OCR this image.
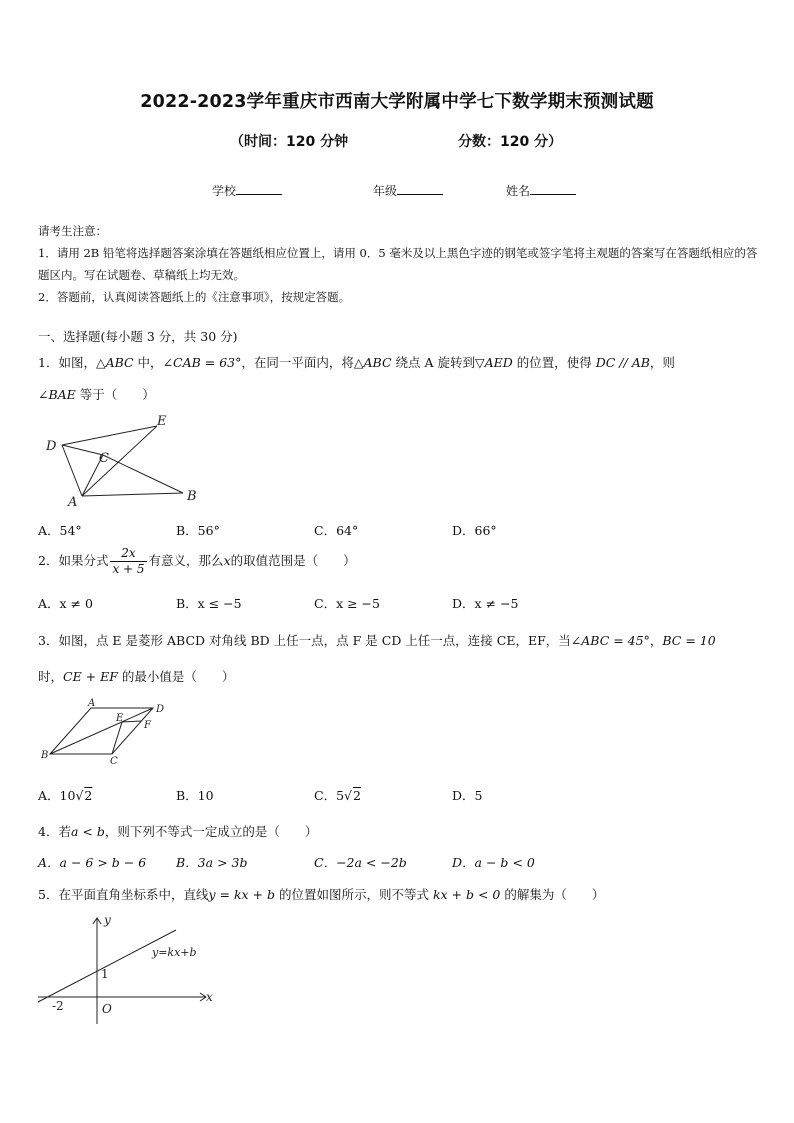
2022-2023学年重庆市西南大学附属中学七下数学期末预测试题
（时间：120 分钟	分数：120 分）
学校	年级	姓名
请考生注意：
1．请用 2B 铅笔将选择题答案涂填在答题纸相应位置上，请用 0．5 毫米及以上黑色字迹的钢笔或签字笔将主观题的答案写在答题纸相应的答题区内。写在试题卷、草稿纸上均无效。
2．答题前，认真阅读答题纸上的《注意事项》，按规定答题。
一、选择题(每小题 3 分，共 30 分)
1．如图，△ABC 中，∠CAB = 63°，在同一平面内，将△ABC 绕点 A 旋转到▽AED 的位置，使得 DC // AB，则
∠BAE 等于（　　）
D
E
C
A	B
A．54°	B．56°	C．64°	D．66°
2．如果分式 $\frac{2x}{x + 5}$ 有意义，那么x的取值范围是（　　）
A．x ≠ 0	B．x ≤ −5	C．x ≥ −5	D．x ≠ −5
3．如图，点 E 是菱形 ABCD 对角线 BD 上任一点，点 F 是 CD 上任一点，连接 CE，EF，当∠ABC = 45°，BC = 10
时，CE + EF 的最小值是（　　）
A
D
E
F
B
C
A．10√2	B．10	C．5√2	D．5
4．若a < b，则下列不等式一定成立的是（　　）
A．a − 6 > b − 6 B．3a > 3b	C．−2a < −2b	D．a − b < 0
5．在平面直角坐标系中，直线y = kx + b 的位置如图所示，则不等式 kx + b < 0 的解集为（　　）
y
x
O
1
-2
y=kx+b
